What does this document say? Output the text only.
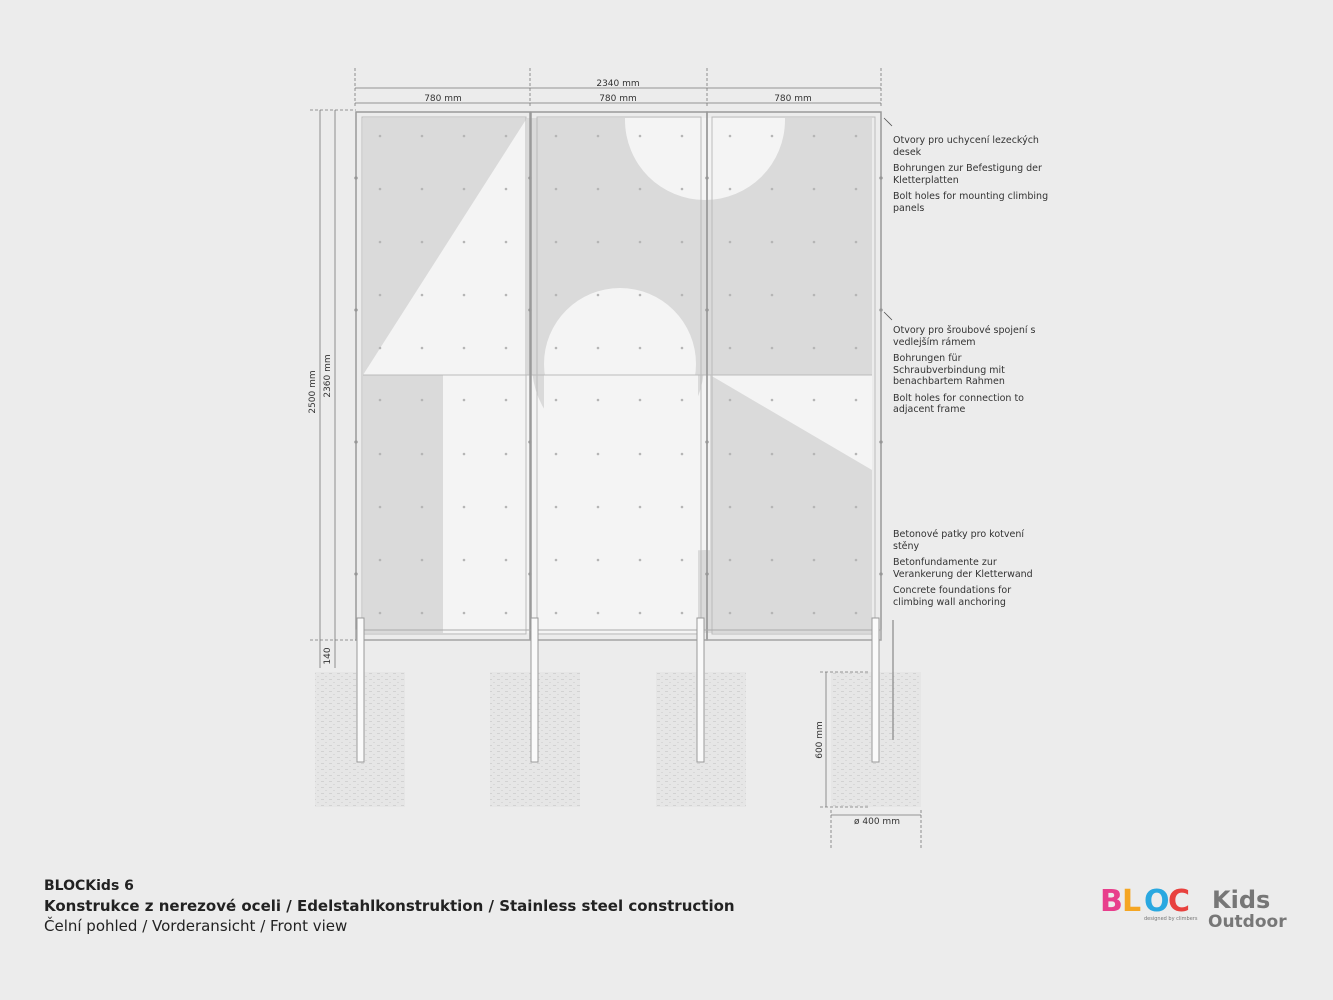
2340 mm
780 mm	780 mm	780 mm
2500 mm 2360 mm
140
600 mm
ø 400 mm

Otvory pro uchycení lezeckých desek

Bohrungen zur Befestigung der Kletterplatten

Bolt holes for mounting climbing panels

Otvory pro šroubové spojení s vedlejším rámem

Bohrungen für Schraubverbindung mit benachbartem Rahmen

Bolt holes for connection to adjacent frame

Betonové patky pro kotvení stěny

Betonfundamente zur Verankerung der Kletterwand

Concrete foundations for climbing wall anchoring

BLOCKids 6
Konstrukce z nerezové oceli / Edelstahlkonstruktion / Stainless steel construction
Čelní pohled / Vorderansicht / Front view
B L O
C Kids
designed by climbers Outdoor
